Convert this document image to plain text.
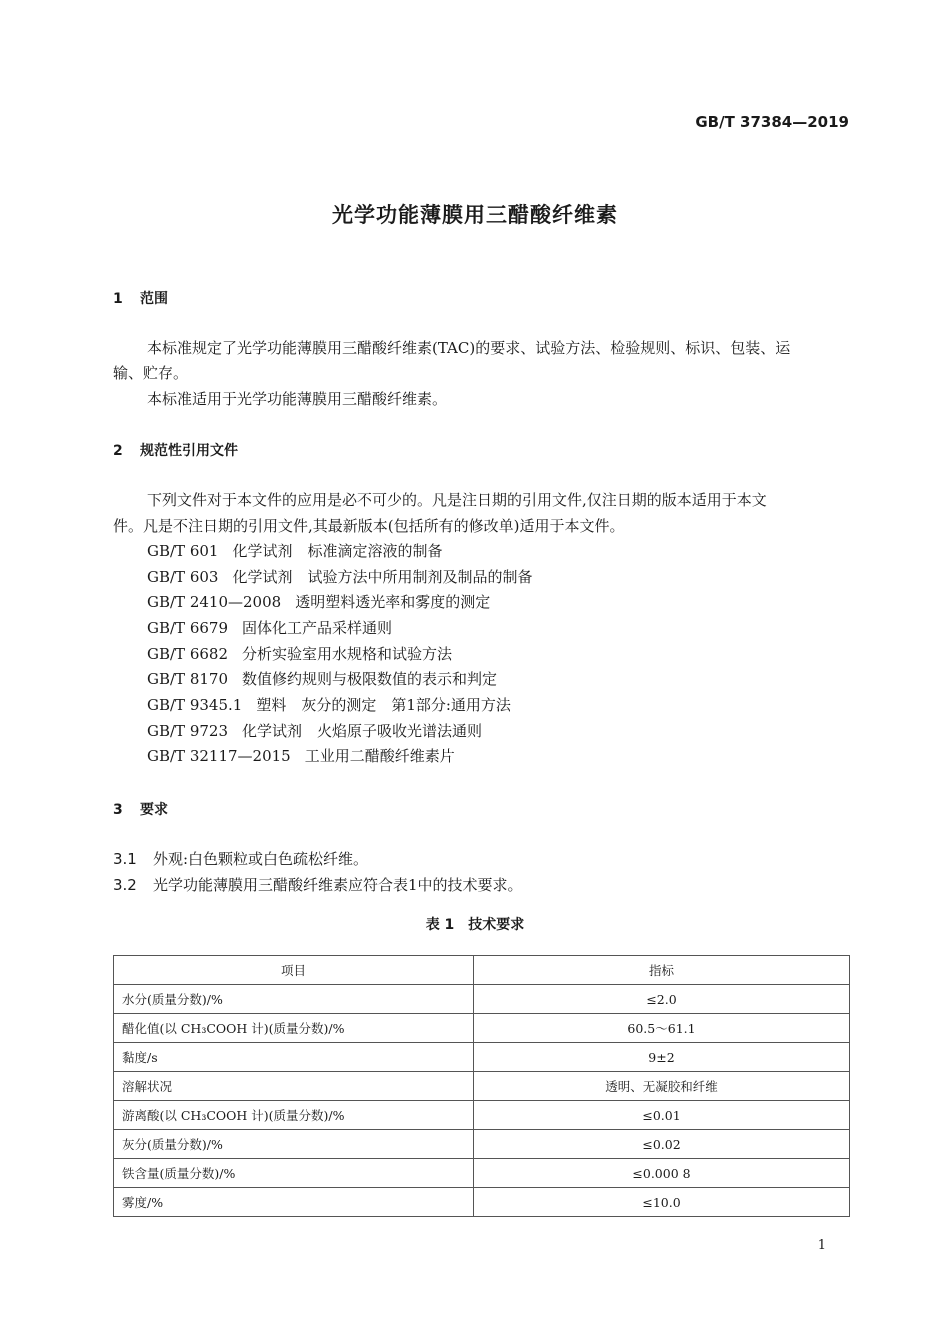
GB/T 37384—2019
光学功能薄膜用三醋酸纤维素
1 范围
本标准规定了光学功能薄膜用三醋酸纤维素(TAC)的要求、试验方法、检验规则、标识、包装、运
输、贮存。
本标准适用于光学功能薄膜用三醋酸纤维素。
2 规范性引用文件
下列文件对于本文件的应用是必不可少的。凡是注日期的引用文件,仅注日期的版本适用于本文
件。凡是不注日期的引用文件,其最新版本(包括所有的修改单)适用于本文件。
GB/T 601 化学试剂　标准滴定溶液的制备
GB/T 603 化学试剂　试验方法中所用制剂及制品的制备
GB/T 2410—2008 透明塑料透光率和雾度的测定
GB/T 6679 固体化工产品采样通则
GB/T 6682 分析实验室用水规格和试验方法
GB/T 8170 数值修约规则与极限数值的表示和判定
GB/T 9345.1 塑料　灰分的测定　第1部分:通用方法
GB/T 9723 化学试剂　火焰原子吸收光谱法通则
GB/T 32117—2015 工业用二醋酸纤维素片
3 要求
3.1 外观:白色颗粒或白色疏松纤维。
3.2 光学功能薄膜用三醋酸纤维素应符合表1中的技术要求。
表 1　技术要求
项目	指标
水分(质量分数)/%	≤2.0
醋化值(以 CH₃COOH 计)(质量分数)/%	60.5～61.1
黏度/s	9±2
溶解状况	透明、无凝胶和纤维
游离酸(以 CH₃COOH 计)(质量分数)/%	≤0.01
灰分(质量分数)/%	≤0.02
铁含量(质量分数)/%	≤0.000 8
雾度/%	≤10.0
1
